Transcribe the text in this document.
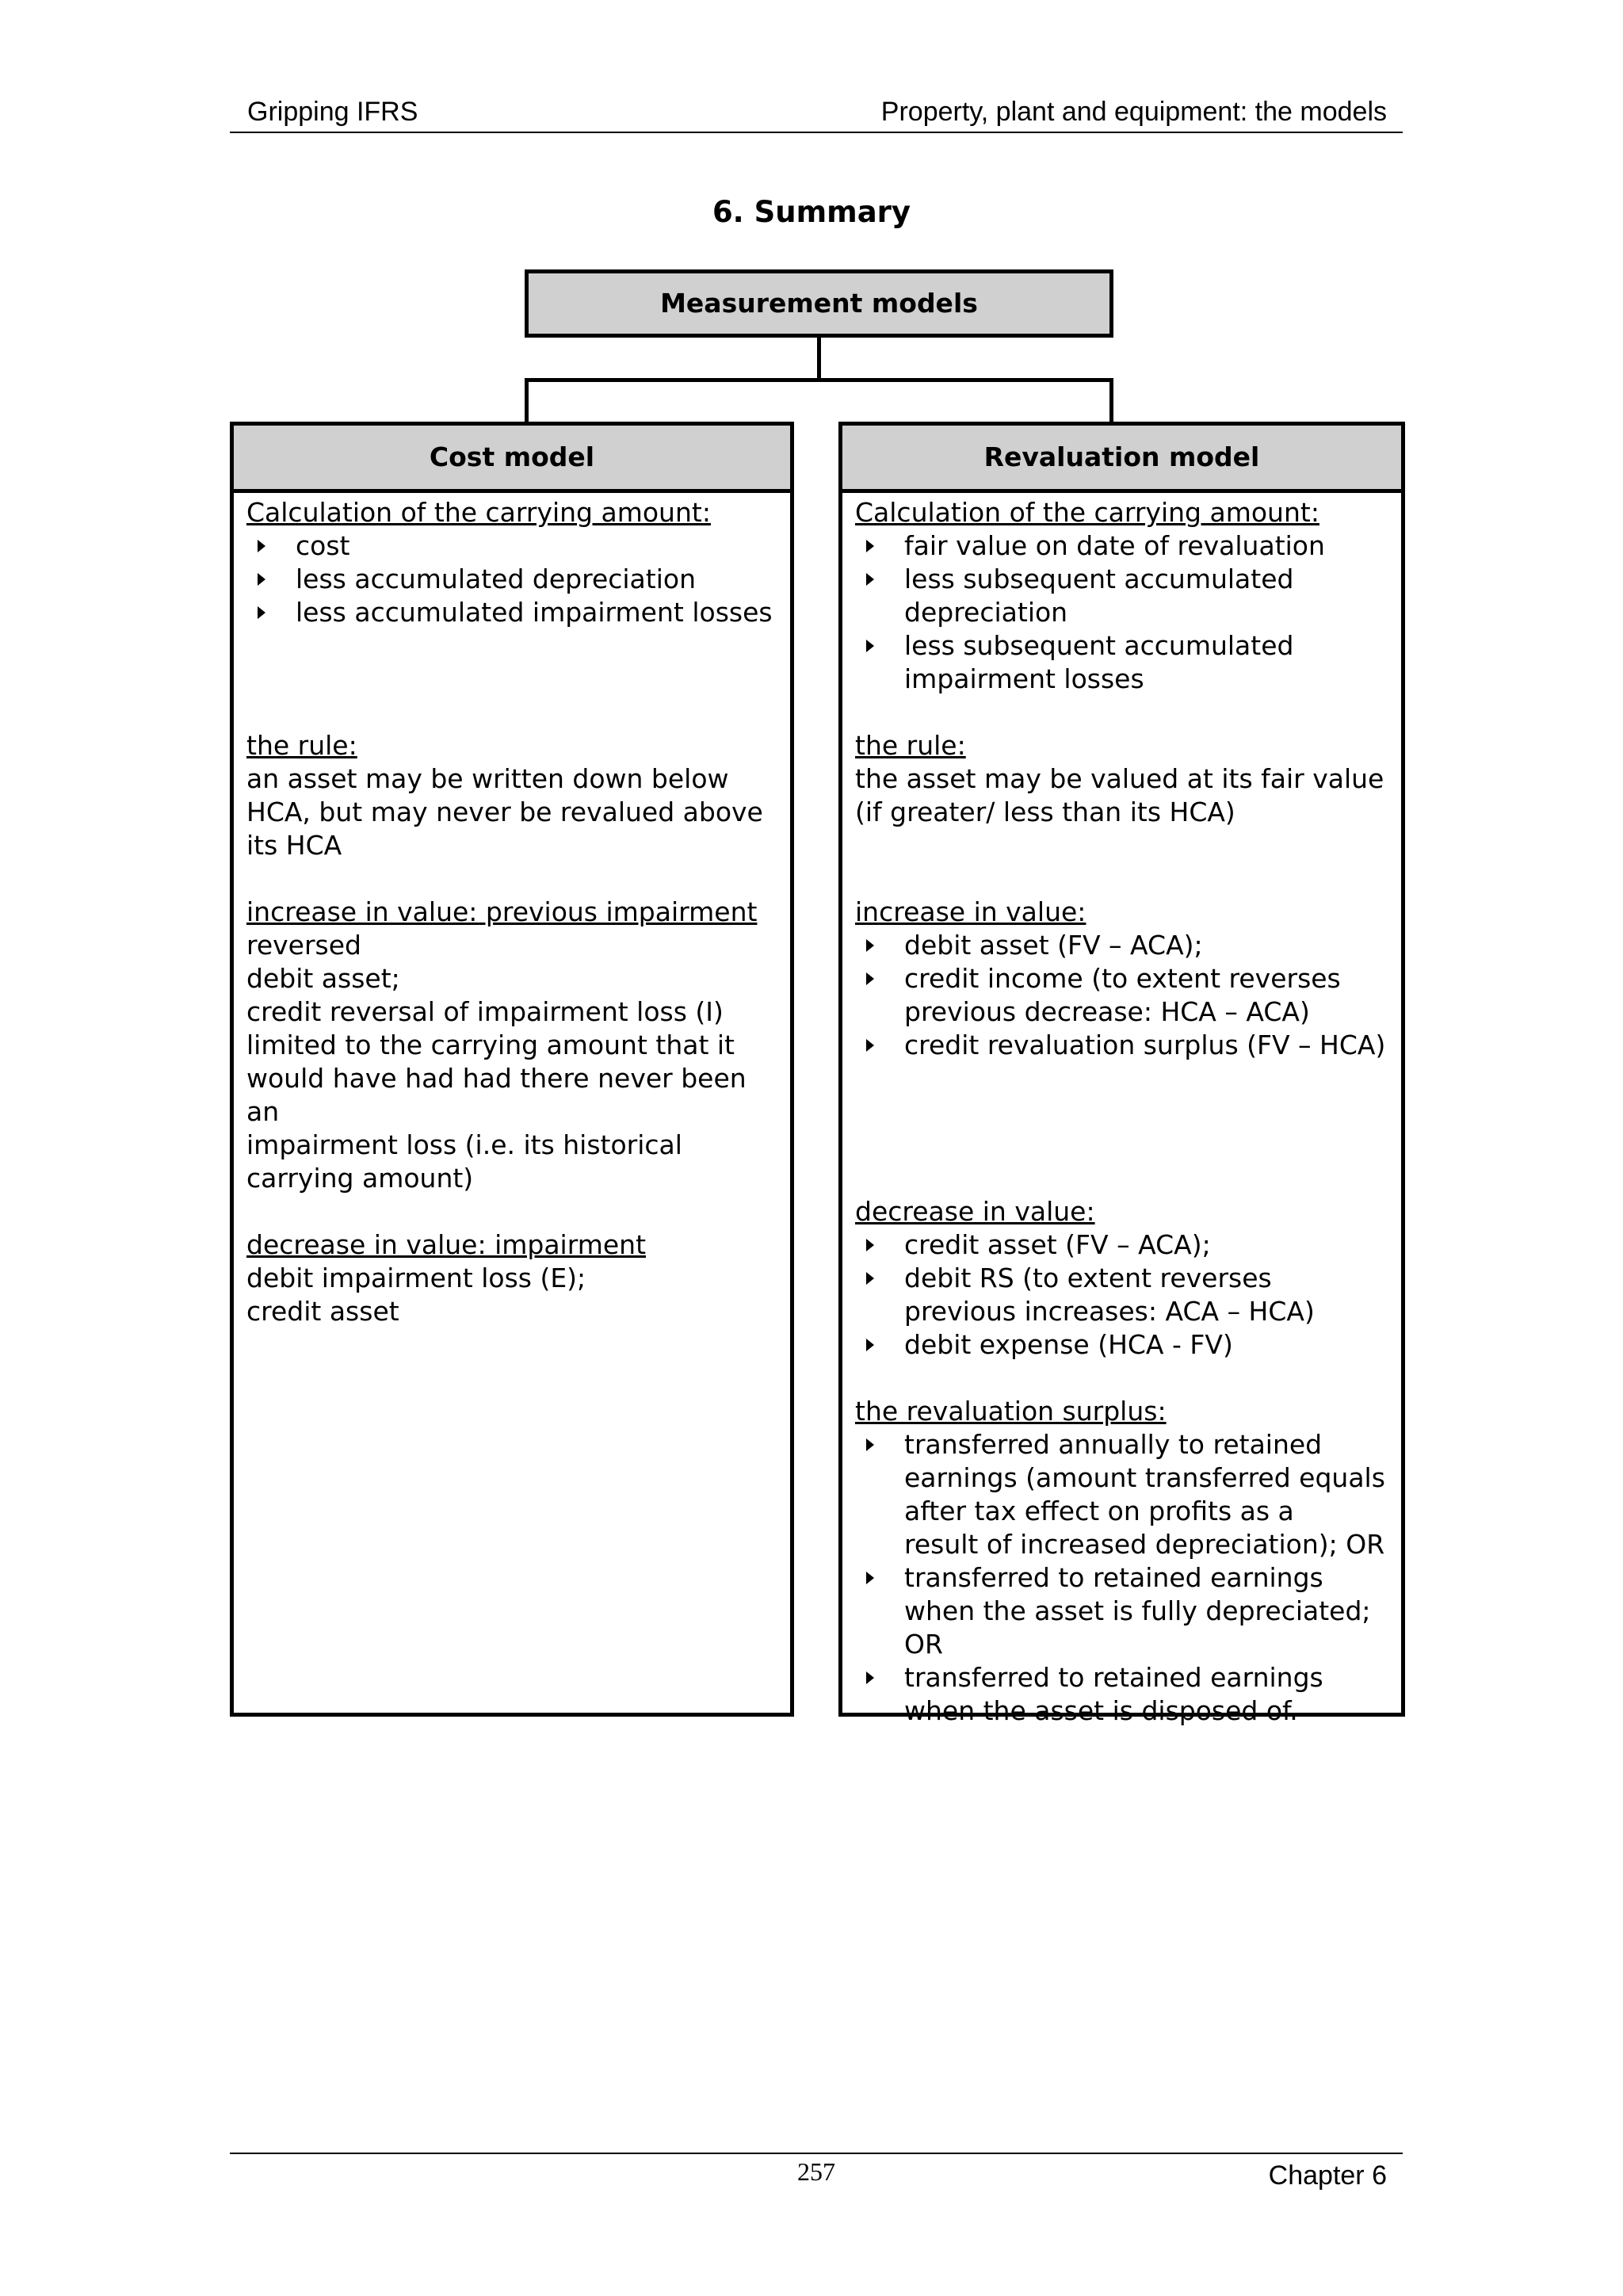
Gripping IFRS	Property, plant and equipment: the models
6. Summary
Measurement models
Cost model
Calculation of the carrying amount:
cost
less accumulated depreciation
less accumulated impairment losses
the rule:
an asset may be written down below
HCA, but may never be revalued above
its HCA
increase in value: previous impairment
reversed
debit asset;
credit reversal of impairment loss (I)
limited to the carrying amount that it
would have had had there never been an
impairment loss (i.e. its historical
carrying amount)
decrease in value: impairment
debit impairment loss (E);
credit asset
Revaluation model
Calculation of the carrying amount:
fair value on date of revaluation
less subsequent accumulated
depreciation
less subsequent accumulated
impairment losses
the rule:
the asset may be valued at its fair value
(if greater/ less than its HCA)
increase in value:
debit asset (FV – ACA);
credit income (to extent reverses
previous decrease: HCA – ACA)
credit revaluation surplus (FV – HCA)
decrease in value:
credit asset (FV – ACA);
debit RS (to extent reverses
previous increases: ACA – HCA)
debit expense (HCA - FV)
the revaluation surplus:
transferred annually to retained
earnings (amount transferred equals
after tax effect on profits as a
result of increased depreciation); OR
transferred to retained earnings
when the asset is fully depreciated;
OR
transferred to retained earnings
when the asset is disposed of.
257	Chapter 6
